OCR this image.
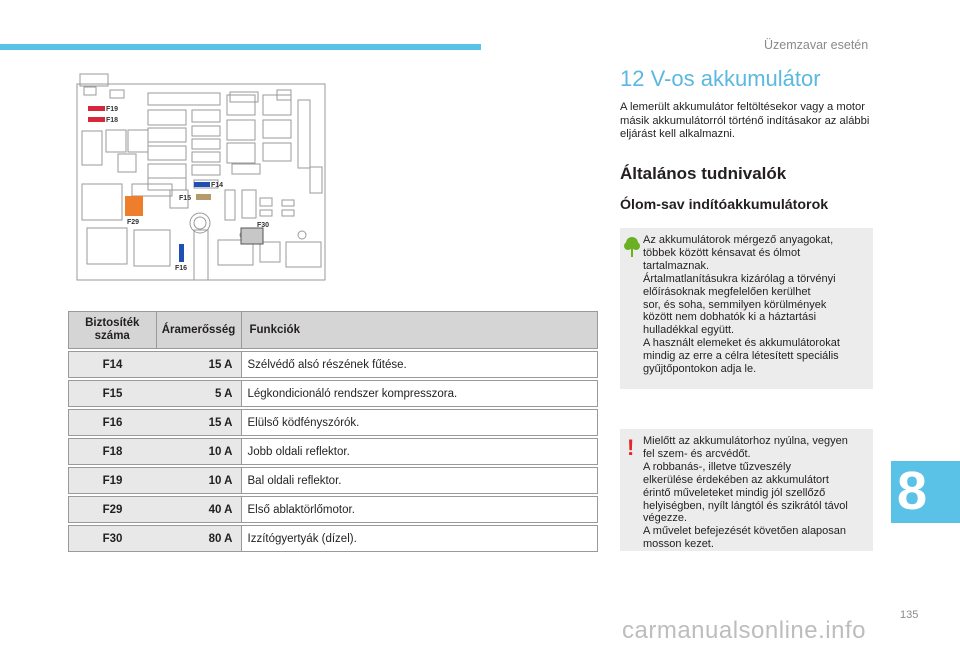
Üzemzavar esetén
F19
F18
F14
F15
F29	F30
F16
Biztosíték száma	Áramerősség	Funkciók

F14	15 A	Szélvédő alsó részének fűtése.

F15	5 A	Légkondicionáló rendszer kompresszora.

F16	15 A	Elülső ködfényszórók.

F18	10 A	Jobb oldali reflektor.

F19	10 A	Bal oldali reflektor.

F29	40 A	Első ablaktörlőmotor.

F30	80 A	Izzítógyertyák (dízel).
12 V-os akkumulátor
A lemerült akkumulátor feltöltésekor vagy a motor másik akkumulátorról történő indításakor az alábbi eljárást kell alkalmazni.
Általános tudnivalók
Ólom-sav indítóakkumulátorok
Az akkumulátorok mérgező anyagokat,
többek között kénsavat és ólmot
tartalmaznak.
Ártalmatlanításukra kizárólag a törvényi
előírásoknak megfelelően kerülhet
sor, és soha, semmilyen körülmények
között nem dobhatók ki a háztartási
hulladékkal együtt.
A használt elemeket és akkumulátorokat
mindig az erre a célra létesített speciális
gyűjtőpontokon adja le.
! Mielőtt az akkumulátorhoz nyúlna, vegyen
fel szem- és arcvédőt.
A robbanás-, illetve tűzveszély
elkerülése érdekében az akkumulátort
érintő műveleteket mindig jól szellőző
helyiségben, nyílt lángtól és szikrától távol
végezze.
A művelet befejezését követően alaposan
mosson kezet.
8
135
carmanualsonline.info
